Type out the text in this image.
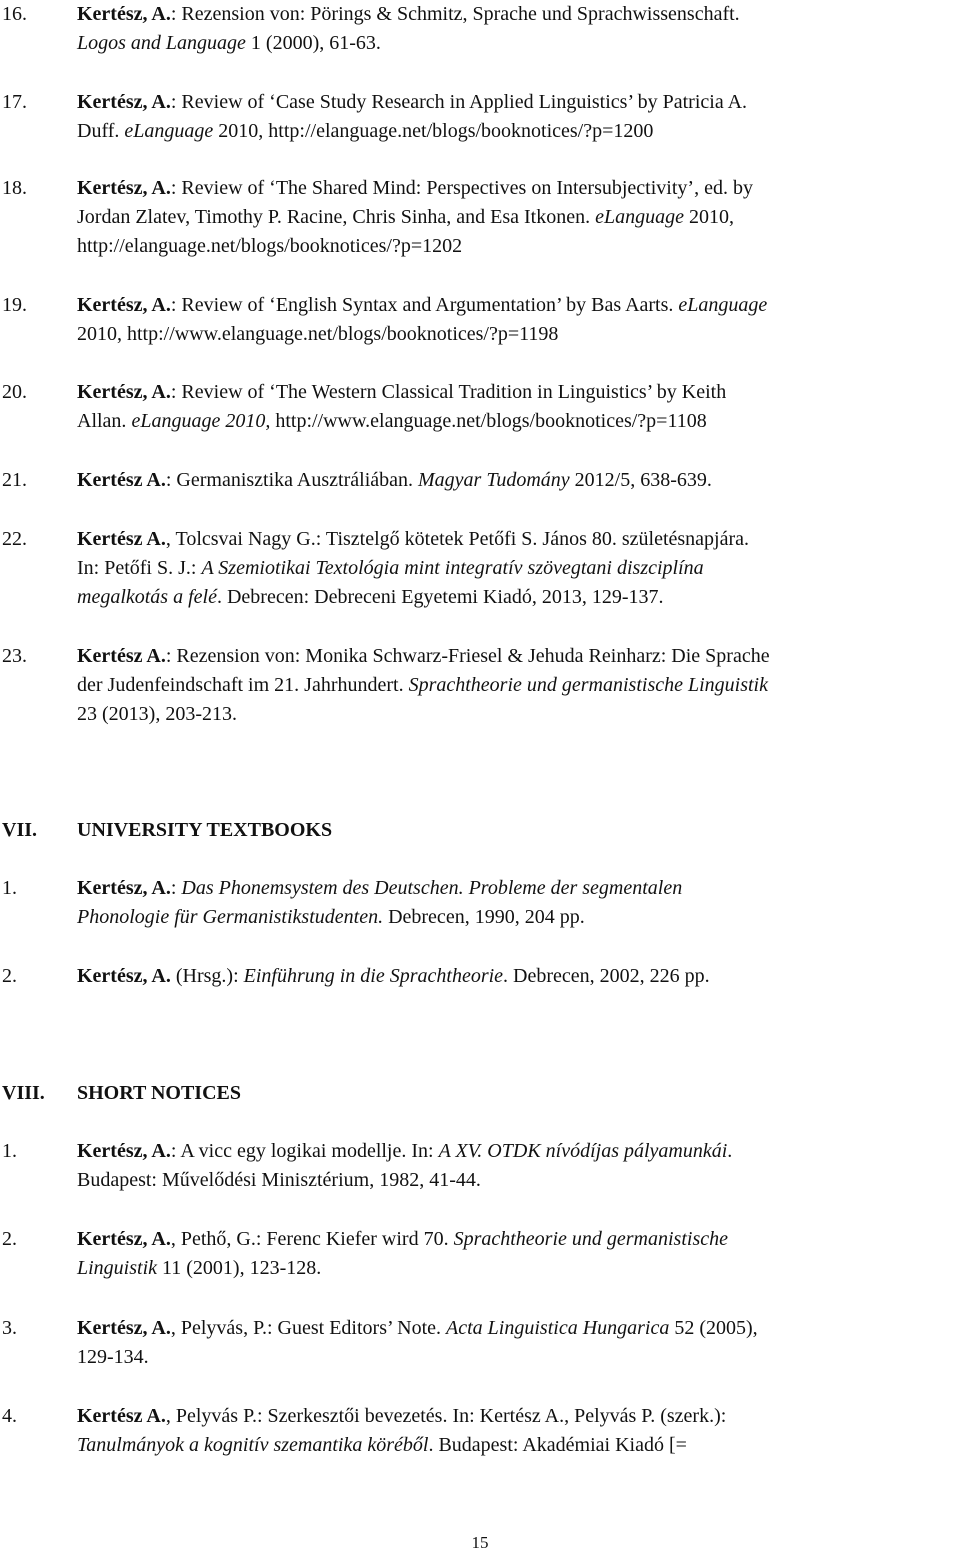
16.	Kertész, A.: Rezension von: Pörings & Schmitz, Sprache und Sprachwissenschaft.
Logos and Language 1 (2000), 61-63.
17.	Kertész, A.: Review of ‘Case Study Research in Applied Linguistics’ by Patricia A.
Duff. eLanguage 2010, http://elanguage.net/blogs/booknotices/?p=1200
18.	Kertész, A.: Review of ‘The Shared Mind: Perspectives on Intersubjectivity’, ed. by
Jordan Zlatev, Timothy P. Racine, Chris Sinha, and Esa Itkonen. eLanguage 2010,
http://elanguage.net/blogs/booknotices/?p=1202
19.	Kertész, A.: Review of ‘English Syntax and Argumentation’ by Bas Aarts. eLanguage
2010, http://www.elanguage.net/blogs/booknotices/?p=1198
20.	Kertész, A.: Review of ‘The Western Classical Tradition in Linguistics’ by Keith
Allan. eLanguage 2010, http://www.elanguage.net/blogs/booknotices/?p=1108
21.	Kertész A.: Germanisztika Ausztráliában. Magyar Tudomány 2012/5, 638-639.
22.	Kertész A., Tolcsvai Nagy G.: Tisztelgő kötetek Petőfi S. János 80. születésnapjára.
In: Petőfi S. J.: A Szemiotikai Textológia mint integratív szövegtani diszciplína
megalkotás a felé. Debrecen: Debreceni Egyetemi Kiadó, 2013, 129-137.
23.	Kertész A.: Rezension von: Monika Schwarz-Friesel & Jehuda Reinharz: Die Sprache
der Judenfeindschaft im 21. Jahrhundert. Sprachtheorie und germanistische Linguistik
23 (2013), 203-213.
VII. UNIVERSITY TEXTBOOKS
1.	Kertész, A.: Das Phonemsystem des Deutschen. Probleme der segmentalen
Phonologie für Germanistikstudenten. Debrecen, 1990, 204 pp.
2.	Kertész, A. (Hrsg.): Einführung in die Sprachtheorie. Debrecen, 2002, 226 pp.
VIII. SHORT NOTICES
1.	Kertész, A.: A vicc egy logikai modellje. In: A XV. OTDK nívódíjas pályamunkái.
Budapest: Művelődési Minisztérium, 1982, 41-44.
2.	Kertész, A., Pethő, G.: Ferenc Kiefer wird 70. Sprachtheorie und germanistische
Linguistik 11 (2001), 123-128.
3.	Kertész, A., Pelyvás, P.: Guest Editors’ Note. Acta Linguistica Hungarica 52 (2005),
129-134.
4.	Kertész A., Pelyvás P.: Szerkesztői bevezetés. In: Kertész A., Pelyvás P. (szerk.):
Tanulmányok a kognitív szemantika köréből. Budapest: Akadémiai Kiadó [=
15
